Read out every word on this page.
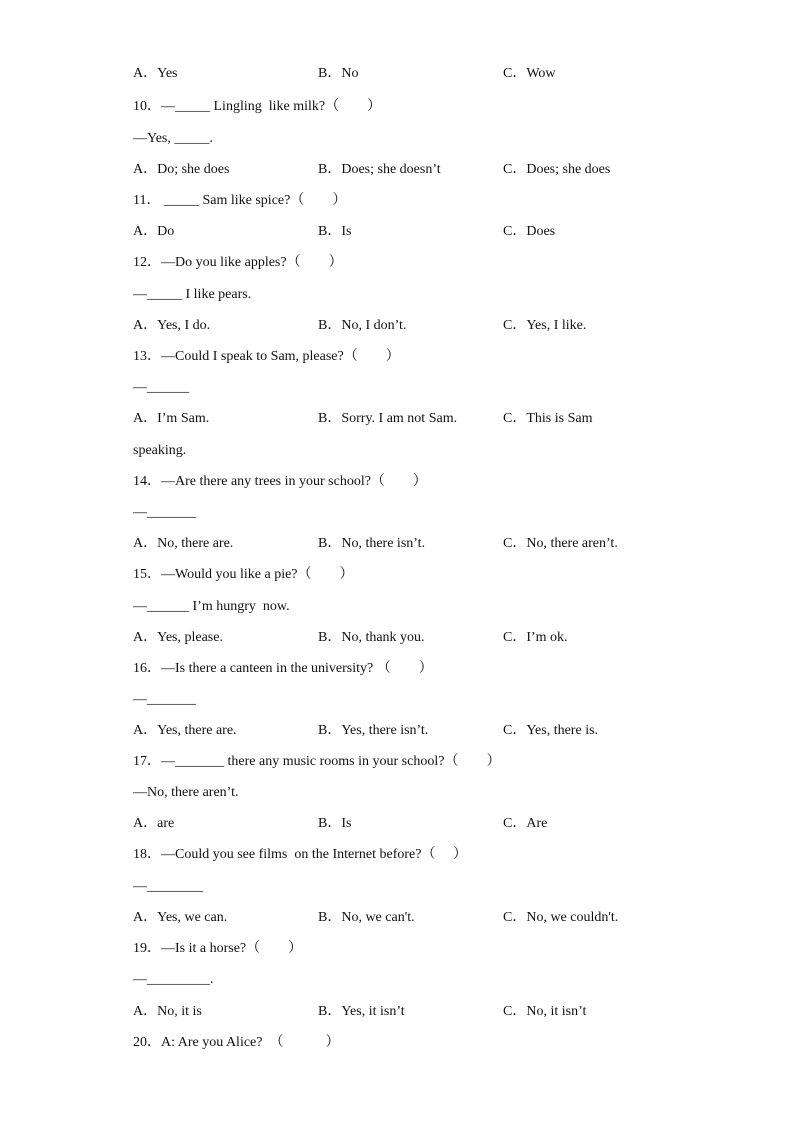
A．Yes	B．No	C．Wow
10．—_____ Lingling  like milk?（　　）
—Yes, _____.
A．Do; she does	B．Does; she doesn’t	C．Does; she does
11． _____ Sam like spice?（　　）
A．Do	B．Is	C．Does
12．—Do you like apples?（　　）
—_____ I like pears.
A．Yes, I do.	B．No, I don’t.	C．Yes, I like.
13．—Could I speak to Sam, please?（　　）
—______
A．I’m Sam.	B．Sorry. I am not Sam.	C．This is Sam
speaking.
14．—Are there any trees in your school?（　　）
—_______
A．No, there are.	B．No, there isn’t.	C．No, there aren’t.
15．—Would you like a pie?（　　）
—______ I’m hungry  now.
A．Yes, please.	B．No, thank you.	C．I’m ok.
16．—Is there a canteen in the university? （　　）
—_______
A．Yes, there are.	B．Yes, there isn’t.	C．Yes, there is.
17．—_______ there any music rooms in your school?（　　）
—No, there aren’t.
A．are	B．Is	C．Are
18．—Could you see films  on the Internet before?（　 ）
—________
A．Yes, we can.	B．No, we can't.	C．No, we couldn't.
19．—Is it a horse?（　　）
—_________.
A．No, it is	B．Yes, it isn’t	C．No, it isn’t
20．A: Are you Alice?　（　　　）
